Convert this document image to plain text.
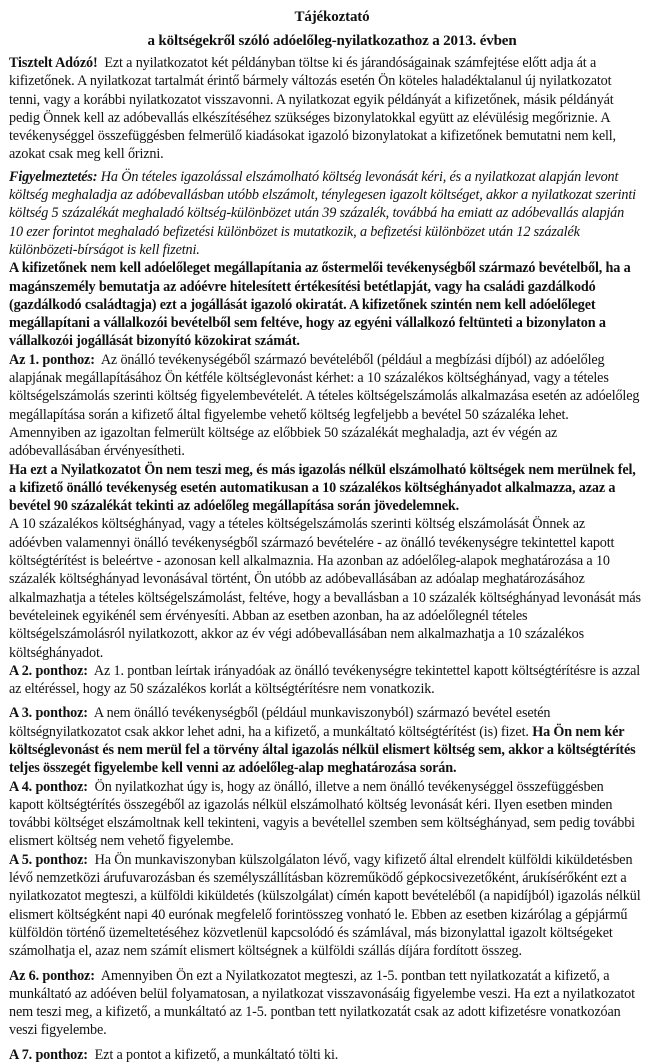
Tájékoztató
a költségekről szóló adóelőleg-nyilatkozathoz a 2013. évben

Tisztelt Adózó! Ezt a nyilatkozatot két példányban töltse ki és járandóságainak számfejtése előtt adja át a kifizetőnek. A nyilatkozat tartalmát érintő bármely változás esetén Ön köteles haladéktalanul új nyilatkozatot tenni, vagy a korábbi nyilatkozatot visszavonni. A nyilatkozat egyik példányát a kifizetőnek, másik példányát pedig Önnek kell az adóbevallás elkészítéséhez szükséges bizonylatokkal együtt az elévülésig megőriznie. A tevékenységgel összefüggésben felmerülő kiadásokat igazoló bizonylatokat a kifizetőnek bemutatni nem kell, azokat csak meg kell őrizni.

Figyelmeztetés: Ha Ön tételes igazolással elszámolható költség levonását kéri, és a nyilatkozat alapján levont költség meghaladja az adóbevallásban utóbb elszámolt, ténylegesen igazolt költséget, akkor a nyilatkozat szerinti költség 5 százalékát meghaladó költség-különbözet után 39 százalék, továbbá ha emiatt az adóbevallás alapján 10 ezer forintot meghaladó befizetési különbözet is mutatkozik, a befizetési különbözet után 12 százalék különbözeti-bírságot is kell fizetni.

A kifizetőnek nem kell adóelőleget megállapítania az őstermelői tevékenységből származó bevételből, ha a magánszemély bemutatja az adóévre hitelesített értékesítési betétlapját, vagy ha családi gazdálkodó (gazdálkodó családtagja) ezt a jogállását igazoló okiratát. A kifizetőnek szintén nem kell adóelőleget megállapítani a vállalkozói bevételből sem feltéve, hogy az egyéni vállalkozó feltünteti a bizonylaton a vállalkozói jogállását bizonyító közokirat számát.

Az 1. ponthoz: Az önálló tevékenységéből származó bevételéből (például a megbízási díjból) az adóelőleg alapjának megállapításához Ön kétféle költséglevonást kérhet: a 10 százalékos költséghányad, vagy a tételes költségelszámolás szerinti költség figyelembevételét. A tételes költségelszámolás alkalmazása esetén az adóelőleg megállapítása során a kifizető által figyelembe vehető költség legfeljebb a bevétel 50 százaléka lehet. Amennyiben az igazoltan felmerült költsége az előbbiek 50 százalékát meghaladja, azt év végén az adóbevallásában érvényesítheti.

Ha ezt a Nyilatkozatot Ön nem teszi meg, és más igazolás nélkül elszámolható költségek nem merülnek fel, a kifizető önálló tevékenység esetén automatikusan a 10 százalékos költséghányadot alkalmazza, azaz a bevétel 90 százalékát tekinti az adóelőleg megállapítása során jövedelemnek.

A 10 százalékos költséghányad, vagy a tételes költségelszámolás szerinti költség elszámolását Önnek az adóévben valamennyi önálló tevékenységből származó bevételére - az önálló tevékenységre tekintettel kapott költségtérítést is beleértve - azonosan kell alkalmaznia. Ha azonban az adóelőleg-alapok meghatározása a 10 százalék költséghányad levonásával történt, Ön utóbb az adóbevallásában az adóalap meghatározásához alkalmazhatja a tételes költségelszámolást, feltéve, hogy a bevallásban a 10 százalék költséghányad levonását más bevételeinek egyikénél sem érvényesíti. Abban az esetben azonban, ha az adóelőlegnél tételes költségelszámolásról nyilatkozott, akkor az év végi adóbevallásában nem alkalmazhatja a 10 százalékos költséghányadot.

A 2. ponthoz: Az 1. pontban leírtak irányadóak az önálló tevékenységre tekintettel kapott költségtérítésre is azzal az eltéréssel, hogy az 50 százalékos korlát a költségtérítésre nem vonatkozik.

A 3. ponthoz: A nem önálló tevékenységből (például munkaviszonyból) származó bevétel esetén költségnyilatkozatot csak akkor lehet adni, ha a kifizető, a munkáltató költségtérítést (is) fizet. Ha Ön nem kér költséglevonást és nem merül fel a törvény által igazolás nélkül elismert költség sem, akkor a költségtérítés teljes összegét figyelembe kell venni az adóelőleg-alap meghatározása során.

A 4. ponthoz: Ön nyilatkozhat úgy is, hogy az önálló, illetve a nem önálló tevékenységgel összefüggésben kapott költségtérítés összegéből az igazolás nélkül elszámolható költség levonását kéri. Ilyen esetben minden további költséget elszámoltnak kell tekinteni, vagyis a bevétellel szemben sem költséghányad, sem pedig további elismert költség nem vehető figyelembe.

A 5. ponthoz: Ha Ön munkaviszonyban külszolgálaton lévő, vagy kifizető által elrendelt külföldi kiküldetésben lévő nemzetközi árufuvarozásban és személyszállításban közreműködő gépkocsivezetőként, árukísérőként ezt a nyilatkozatot megteszi, a külföldi kiküldetés (külszolgálat) címén kapott bevételéből (a napidíjból) igazolás nélkül elismert költségként napi 40 eurónak megfelelő forintösszeg vonható le. Ebben az esetben kizárólag a gépjármű külföldön történő üzemeltetéséhez közvetlenül kapcsolódó és számlával, más bizonylattal igazolt költségeket számolhatja el, azaz nem számít elismert költségnek a külföldi szállás díjára fordított összeg.

Az 6. ponthoz: Amennyiben Ön ezt a Nyilatkozatot megteszi, az 1-5. pontban tett nyilatkozatát a kifizető, a munkáltató az adóéven belül folyamatosan, a nyilatkozat visszavonásáig figyelembe veszi. Ha ezt a nyilatkozatot nem teszi meg, a kifizető, a munkáltató az 1-5. pontban tett nyilatkozatát csak az adott kifizetésre vonatkozóan veszi figyelembe.

A 7. ponthoz: Ezt a pontot a kifizető, a munkáltató tölti ki.
